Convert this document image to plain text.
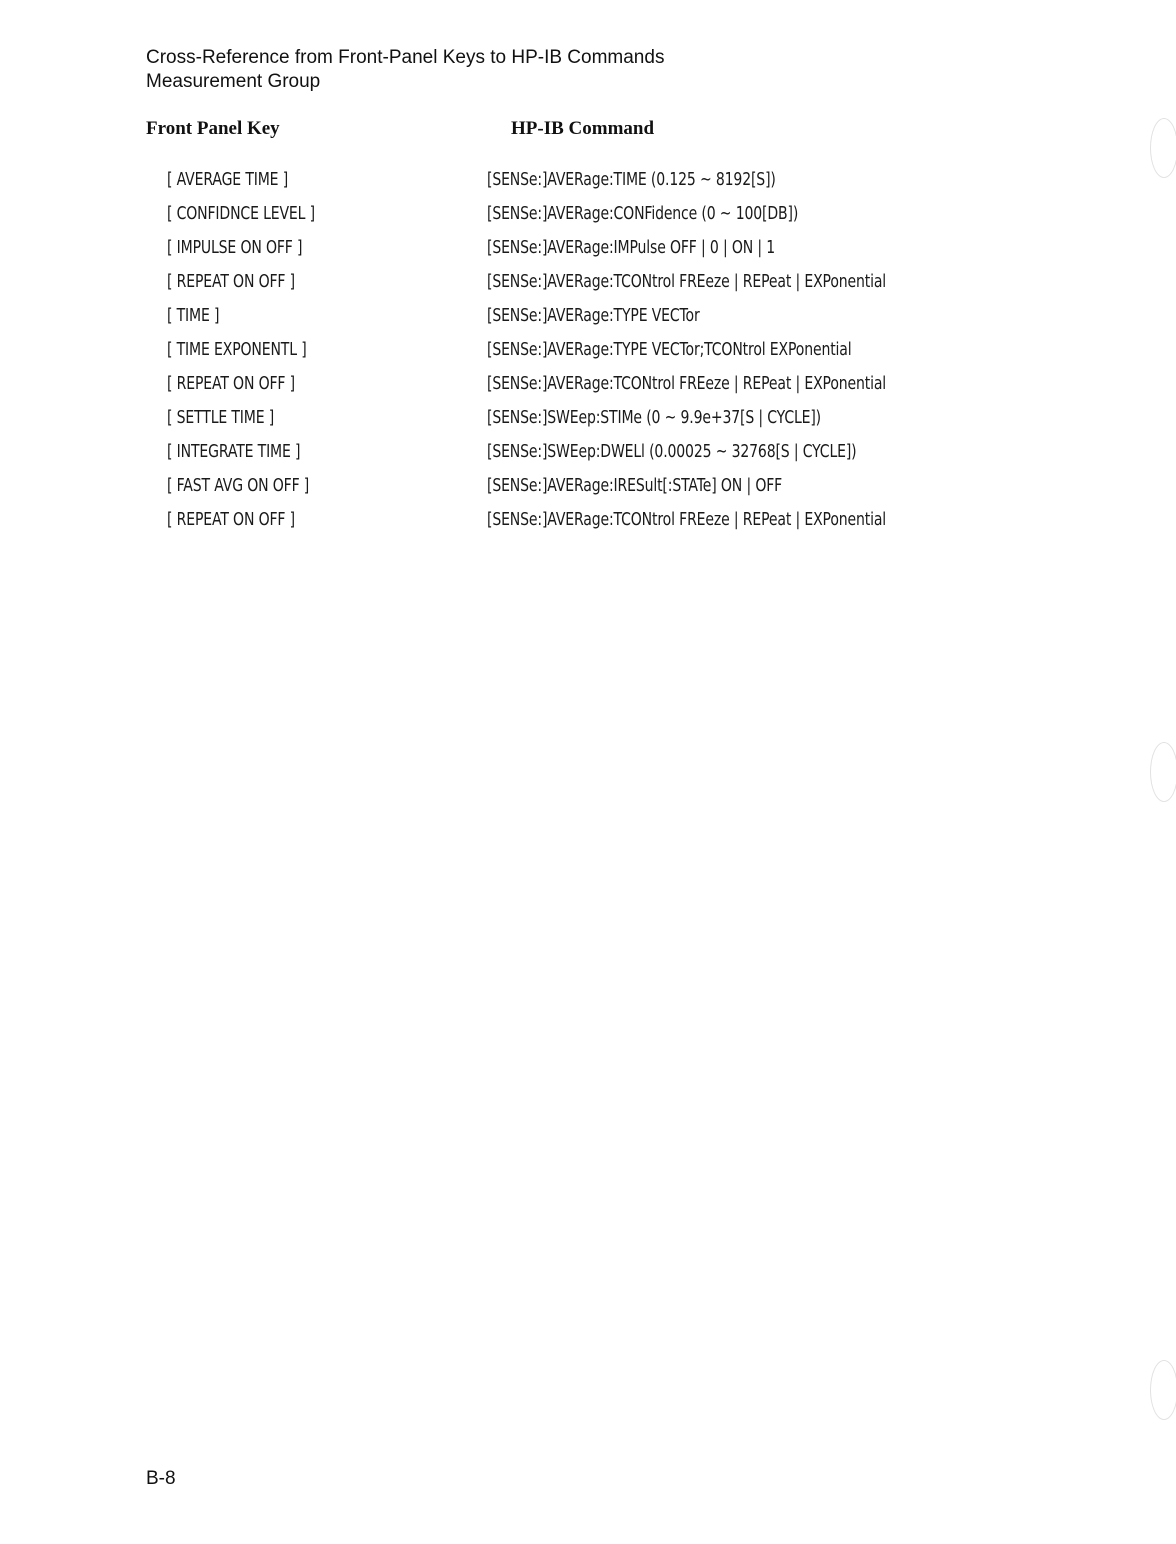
Cross-Reference from Front-Panel Keys to HP-IB Commands
Measurement Group
Front Panel Key	HP-IB Command
[ AVERAGE TIME ]	[SENSe:]AVERage:TIME (0.125 ~ 8192[S])
[ CONFIDNCE LEVEL ]	[SENSe:]AVERage:CONFidence (0 ~ 100[DB])
[ IMPULSE ON OFF ]	[SENSe:]AVERage:IMPulse OFF | 0 | ON | 1
[ REPEAT ON OFF ]	[SENSe:]AVERage:TCONtrol FREeze | REPeat | EXPonential
[ TIME ]	[SENSe:]AVERage:TYPE VECTor
[ TIME EXPONENTL ]	[SENSe:]AVERage:TYPE VECTor;TCONtrol EXPonential
[ REPEAT ON OFF ]	[SENSe:]AVERage:TCONtrol FREeze | REPeat | EXPonential
[ SETTLE TIME ]	[SENSe:]SWEep:STIMe (0 ~ 9.9e+37[S | CYCLE])
[ INTEGRATE TIME ]	[SENSe:]SWEep:DWELl (0.00025 ~ 32768[S | CYCLE])
[ FAST AVG ON OFF ]	[SENSe:]AVERage:IRESult[:STATe] ON | OFF
[ REPEAT ON OFF ]	[SENSe:]AVERage:TCONtrol FREeze | REPeat | EXPonential
B-8
